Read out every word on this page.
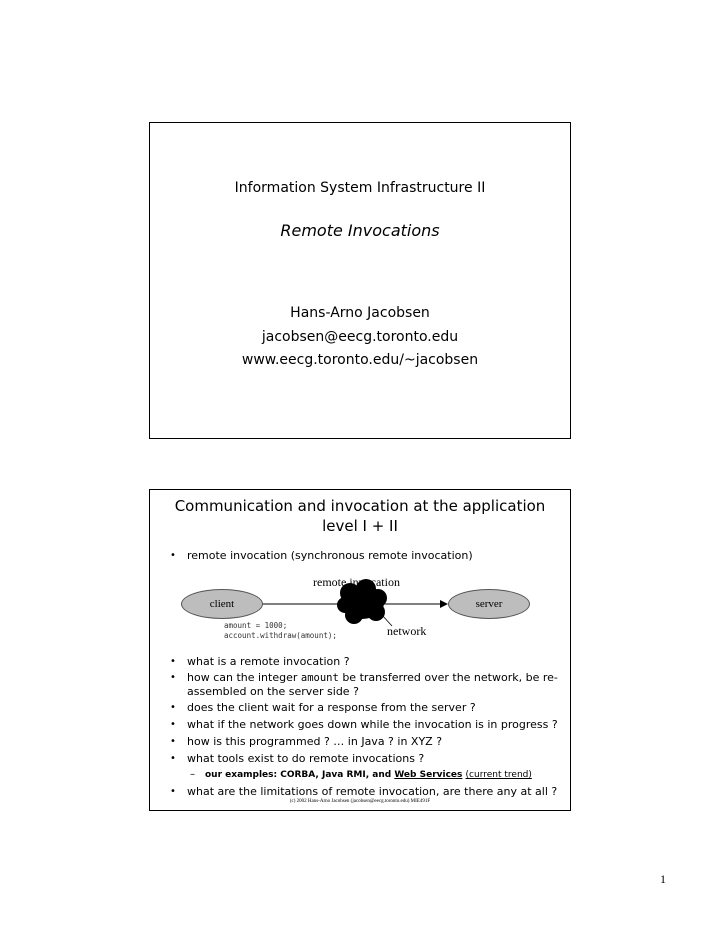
Information System Infrastructure II
Remote Invocations
Hans-Arno Jacobsen
jacobsen@eecg.toronto.edu
www.eecg.toronto.edu/~jacobsen
Communication and invocation at the application level I + II
• remote invocation (synchronous remote invocation)
remote invocation
client	server
network
amount = 1000;
account.withdraw(amount);
• what is a remote invocation ?
• how can the integer amount be transferred over the network, be re-assembled on the server side ?
• does the client wait for a response from the server ?
• what if the network goes down while the invocation is in progress ?
• how is this programmed ? … in Java ? in XYZ ?
• what tools exist to do remote invocations ?
– our examples: CORBA, Java RMI, and Web Services (current trend)
• what are the limitations of remote invocation, are there any at all ?
(c) 2002 Hans-Arno Jacobsen (jacobsen@eecg.toronto.edu) MIE491F
1
